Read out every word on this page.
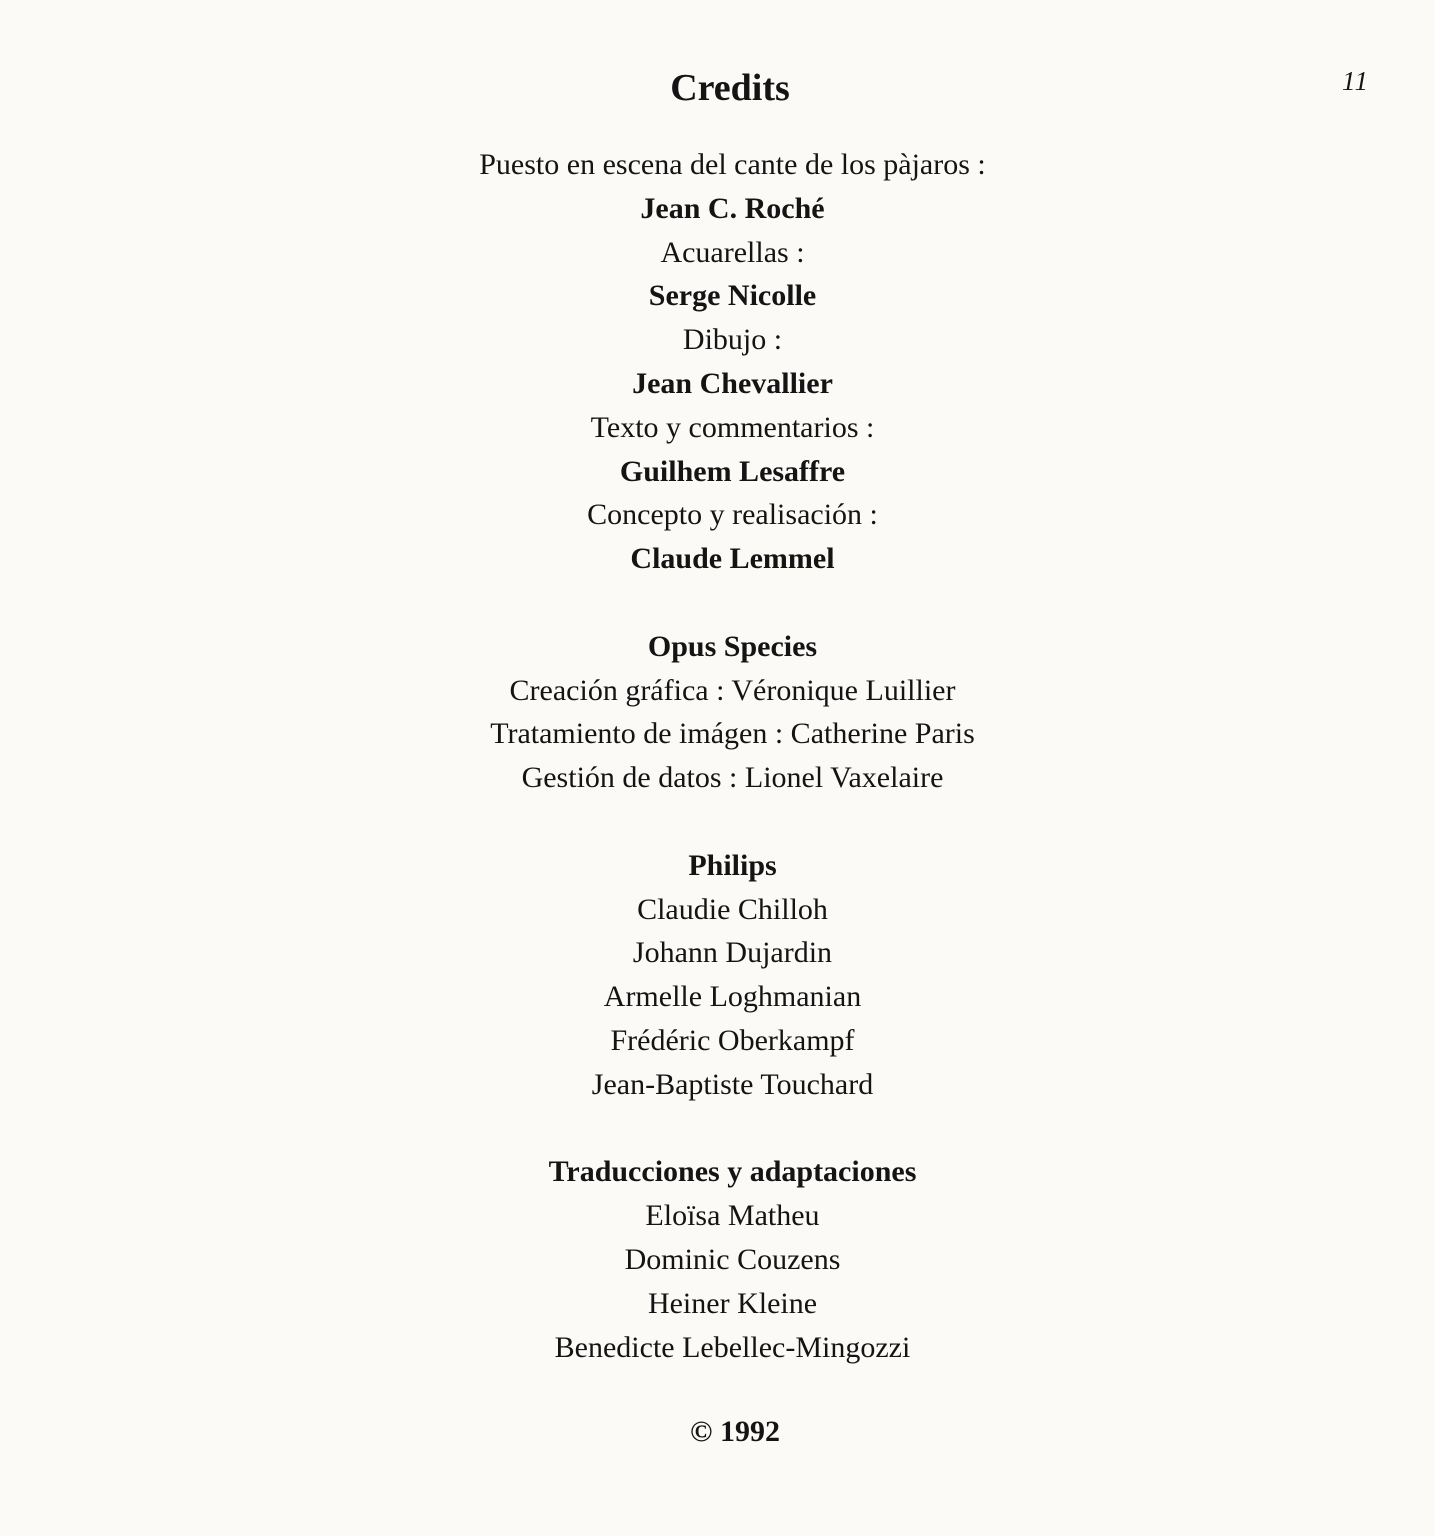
11
Credits
Puesto en escena del cante de los pàjaros :
Jean C. Roché
Acuarellas :
Serge Nicolle
Dibujo :
Jean Chevallier
Texto y commentarios :
Guilhem Lesaffre
Concepto y realisación :
Claude Lemmel
Opus Species
Creación gráfica : Véronique Luillier
Tratamiento de imágen : Catherine Paris
Gestión de datos : Lionel Vaxelaire
Philips
Claudie Chilloh
Johann Dujardin
Armelle Loghmanian
Frédéric Oberkampf
Jean-Baptiste Touchard
Traducciones y adaptaciones
Eloïsa Matheu
Dominic Couzens
Heiner Kleine
Benedicte Lebellec-Mingozzi
© 1992
